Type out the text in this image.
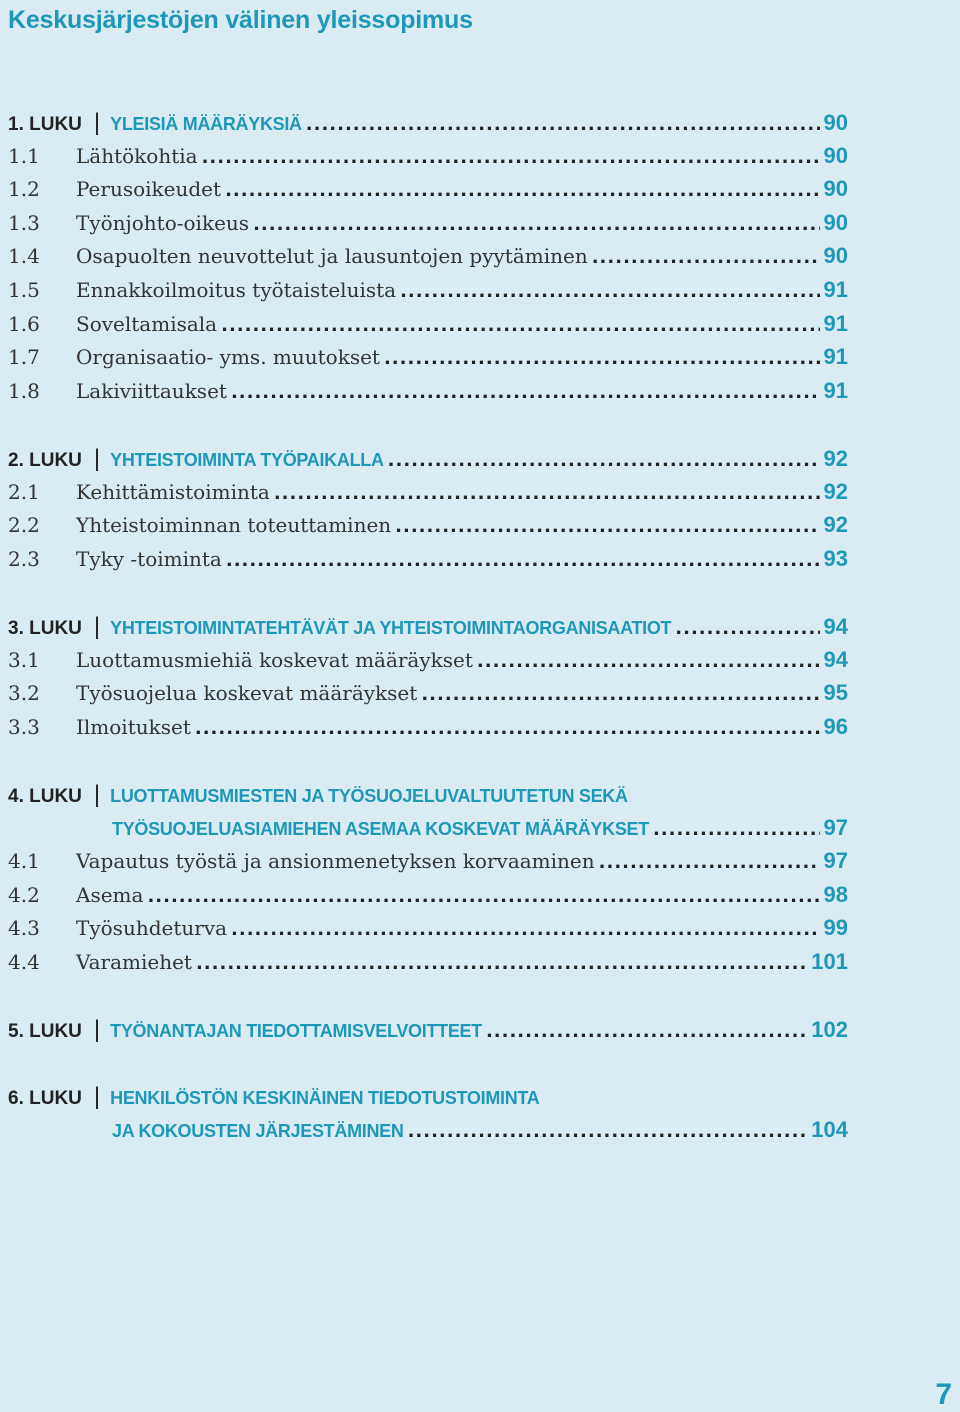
Keskusjärjestöjen välinen yleissopimus
1. LUKU | YLEISIÄ MÄÄRÄYKSIÄ .....	90
1.1	Lähtökohtia .....	90
1.2	Perusoikeudet .....	90
1.3	Työnjohto-oikeus .....	90
1.4	Osapuolten neuvottelut ja lausuntojen pyytäminen .....	90
1.5	Ennakkoilmoitus työtaisteluista .....	91
1.6	Soveltamisala .....	91
1.7	Organisaatio- yms. muutokset .....	91
1.8	Lakiviittaukset .....	91
2. LUKU | YHTEISTOIMINTA TYÖPAIKALLA .....	92
2.1	Kehittämistoiminta .....	92
2.2	Yhteistoiminnan toteuttaminen .....	92
2.3	Tyky -toiminta .....	93
3. LUKU | YHTEISTOIMINTATEHTÄVÄT JA YHTEISTOIMINTAORGANISAATIOT .....	94
3.1	Luottamusmiehiä koskevat määräykset .....	94
3.2	Työsuojelua koskevat määräykset .....	95
3.3	Ilmoitukset .....	96
4. LUKU | LUOTTAMUSMIESTEN JA TYÖSUOJELUVALTUUTETUN SEKÄ
TYÖSUOJELUASIAMIEHEN ASEMAA KOSKEVAT MÄÄRÄYKSET .....	97
4.1	Vapautus työstä ja ansionmenetyksen korvaaminen .....	97
4.2	Asema .....	98
4.3	Työsuhdeturva .....	99
4.4	Varamiehet .....	101
5. LUKU | TYÖNANTAJAN TIEDOTTAMISVELVOITTEET .....	102
6. LUKU | HENKILÖSTÖN KESKINÄINEN TIEDOTUSTOIMINTA
JA KOKOUSTEN JÄRJESTÄMINEN .....	104
7
